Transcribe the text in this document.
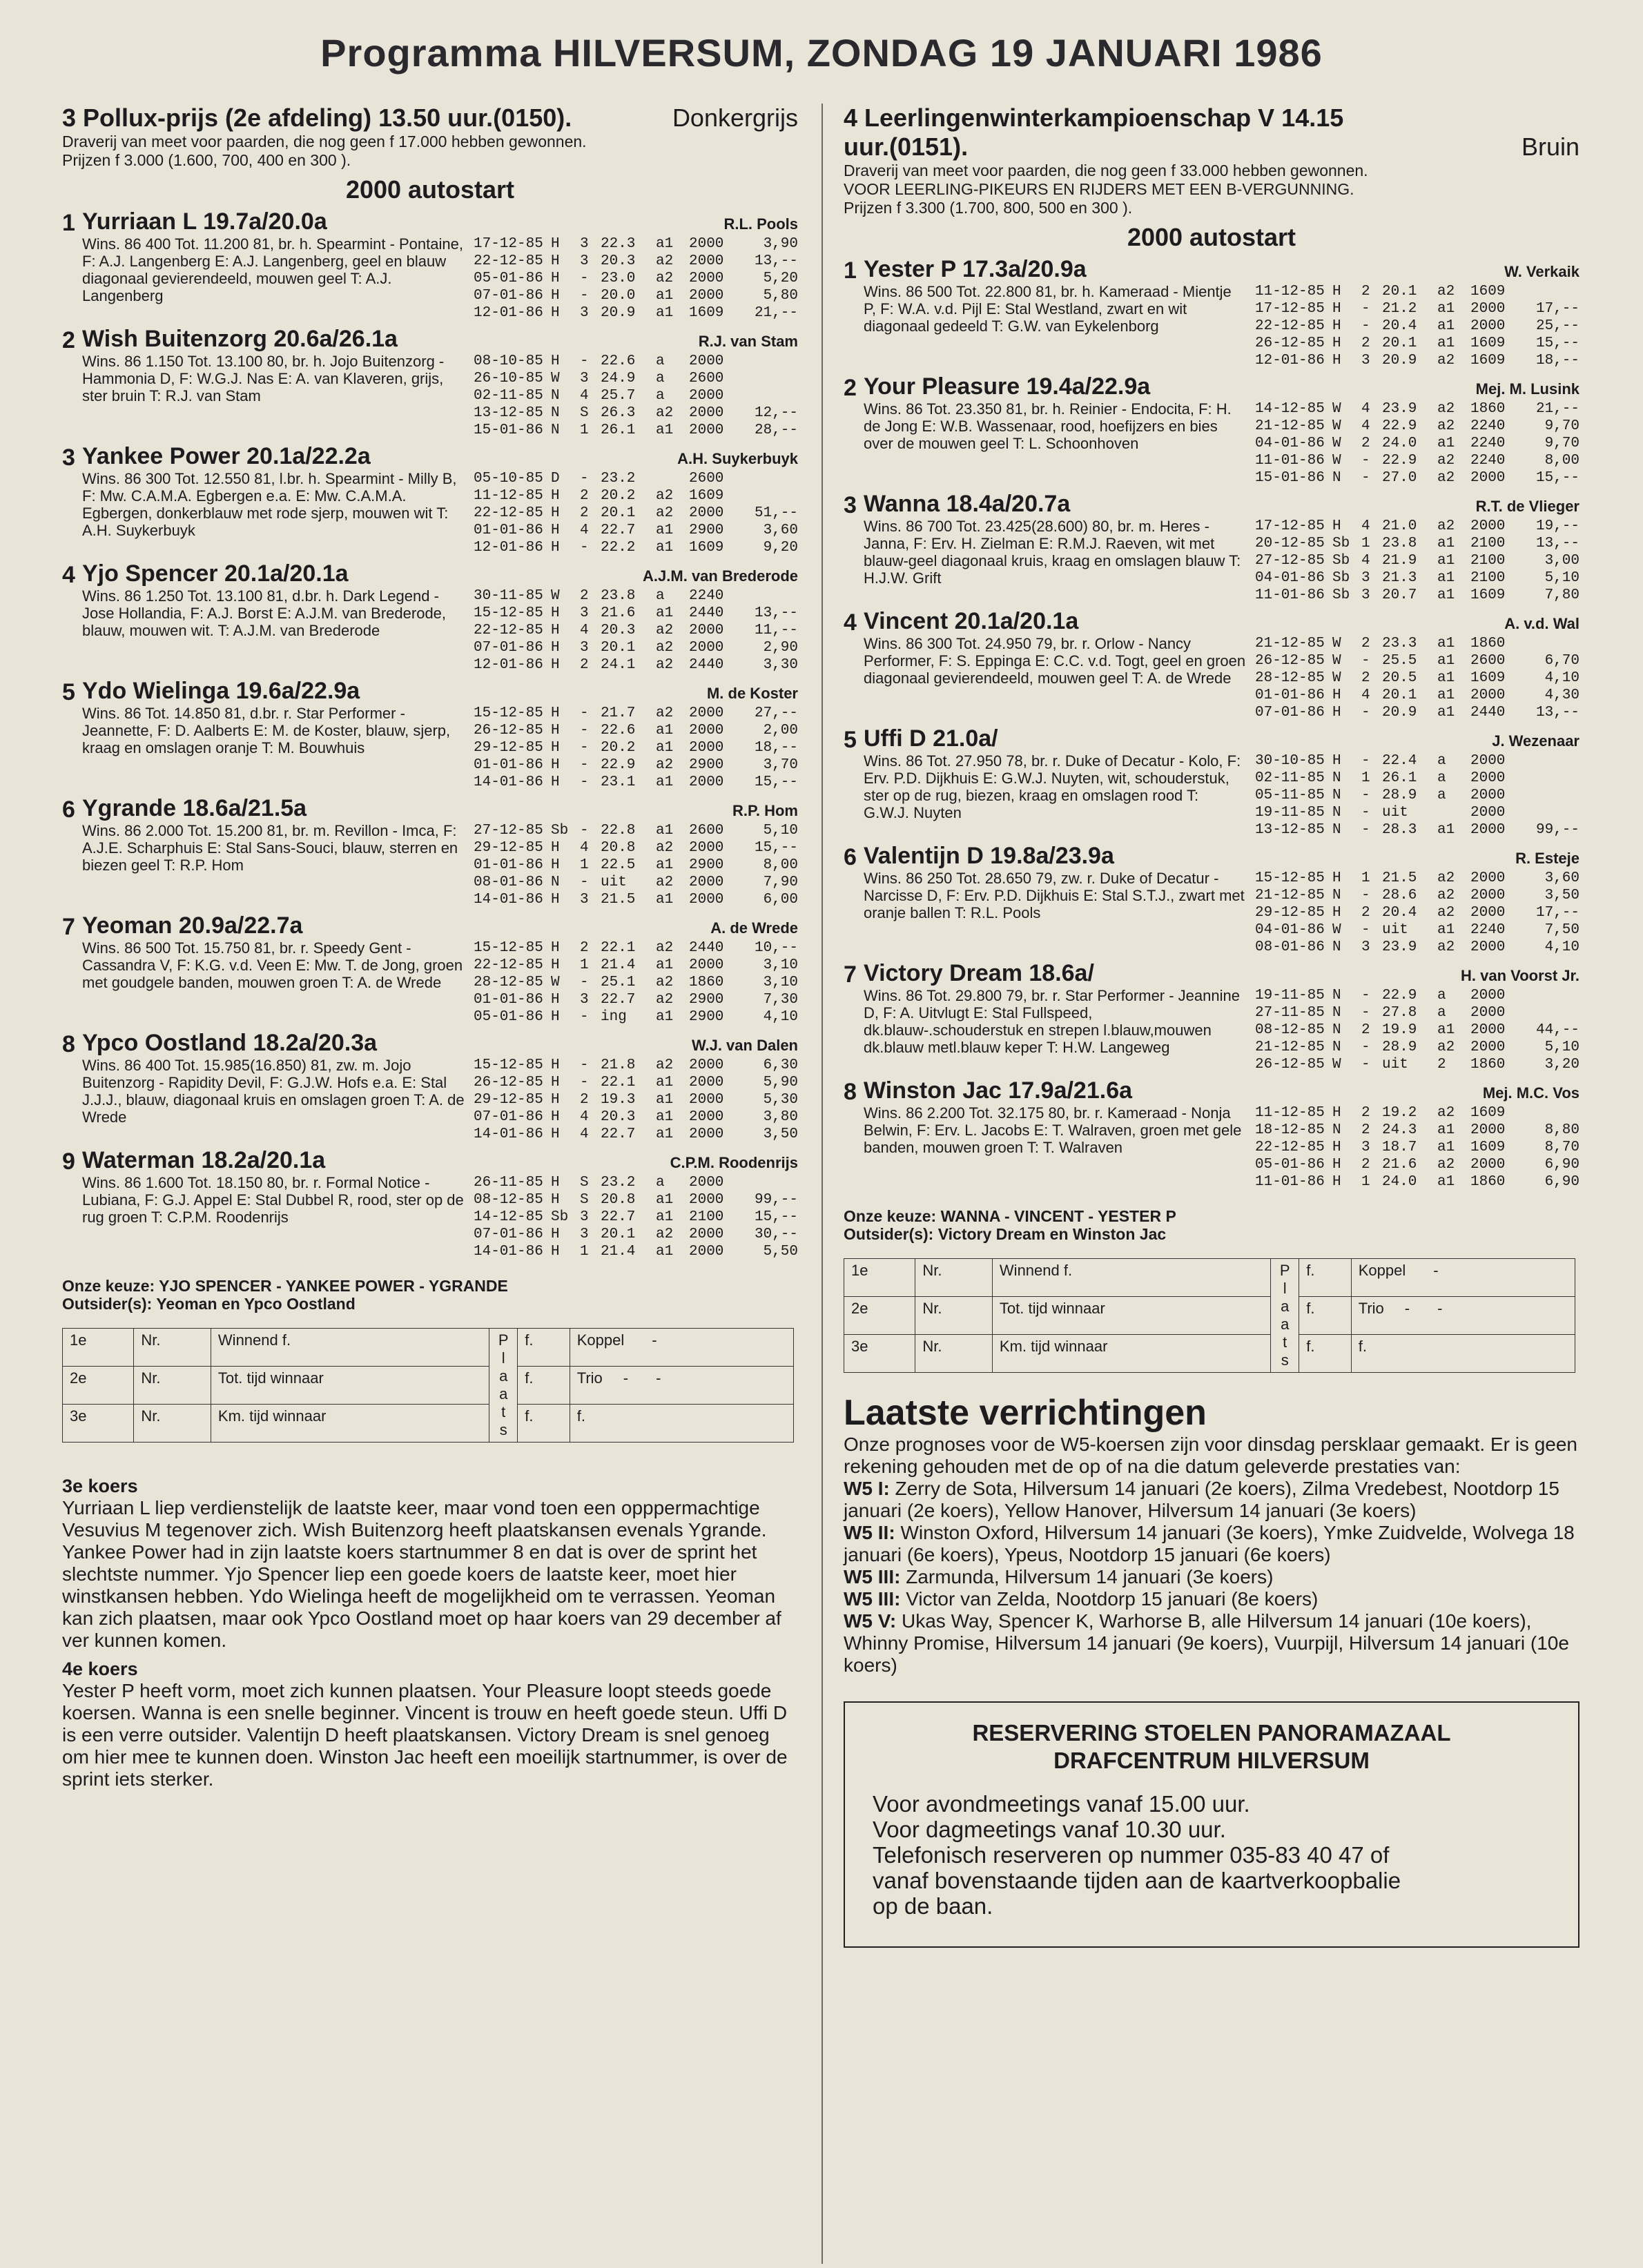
Programma HILVERSUM, ZONDAG 19 JANUARI 1986
3 Pollux-prijs (2e afdeling) 13.50 uur.(0150).	Donkergrijs
Draverij van meet voor paarden, die nog geen f 17.000 hebben gewonnen.
Prijzen f 3.000 (1.600, 700, 400 en 300 ).
2000 autostart
1 Yurriaan L 19.7a/20.0a	R.L. Pools
Wins. 86 400 Tot. 11.200 81, br. h. Spearmint - Pontaine, F: A.J. Langenberg E: A.J. Langenberg, geel en blauw diagonaal gevierendeeld, mouwen geel T: A.J. Langenberg
17-12-85 H	3 22.3	a1	2000	3,90
22-12-85 H	3 20.3	a2	2000	13,--
05-01-86 H	- 23.0	a2	2000	5,20
07-01-86 H	- 20.0	a1	2000	5,80
12-01-86 H	3 20.9	a1	1609	21,--
2 Wish Buitenzorg 20.6a/26.1a	R.J. van Stam
Wins. 86 1.150 Tot. 13.100 80, br. h. Jojo Buitenzorg - Hammonia D, F: W.G.J. Nas E: A. van Klaveren, grijs, ster bruin T: R.J. van Stam
08-10-85 H	- 22.6	a	2000
26-10-85 W	3 24.9	a	2600
02-11-85 N	4 25.7	a	2000
13-12-85 N	S 26.3	a2	2000	12,--
15-01-86 N	1 26.1	a1	2000	28,--
3 Yankee Power 20.1a/22.2a	A.H. Suykerbuyk
Wins. 86 300 Tot. 12.550 81, l.br. h. Spearmint - Milly B, F: Mw. C.A.M.A. Egbergen e.a. E: Mw. C.A.M.A. Egbergen, donkerblauw met rode sjerp, mouwen wit T: A.H. Suykerbuyk
05-10-85 D	- 23.2	2600
11-12-85 H	2 20.2	a2	1609
22-12-85 H	2 20.1	a2	2000	51,--
01-01-86 H	4 22.7	a1	2900	3,60
12-01-86 H	- 22.2	a1	1609	9,20
4 Yjo Spencer 20.1a/20.1a	A.J.M. van Brederode
Wins. 86 1.250 Tot. 13.100 81, d.br. h. Dark Legend - Jose Hollandia, F: A.J. Borst E: A.J.M. van Brederode, blauw, mouwen wit. T: A.J.M. van Brederode
30-11-85 W	2 23.8	a	2240
15-12-85 H	3 21.6	a1	2440	13,--
22-12-85 H	4 20.3	a2	2000	11,--
07-01-86 H	3 20.1	a2	2000	2,90
12-01-86 H	2 24.1	a2	2440	3,30
5 Ydo Wielinga 19.6a/22.9a	M. de Koster
Wins. 86 Tot. 14.850 81, d.br. r. Star Performer - Jeannette, F: D. Aalberts E: M. de Koster, blauw, sjerp, kraag en omslagen oranje T: M. Bouwhuis
15-12-85 H	- 21.7	a2	2000	27,--
26-12-85 H	- 22.6	a1	2000	2,00
29-12-85 H	- 20.2	a1	2000	18,--
01-01-86 H	- 22.9	a2	2900	3,70
14-01-86 H	- 23.1	a1	2000	15,--
6 Ygrande 18.6a/21.5a	R.P. Hom
Wins. 86 2.000 Tot. 15.200 81, br. m. Revillon - Imca, F: A.J.E. Scharphuis E: Stal Sans-Souci, blauw, sterren en biezen geel T: R.P. Hom
27-12-85 Sb - 22.8	a1	2600	5,10
29-12-85 H	4 20.8	a2	2000	15,--
01-01-86 H	1 22.5	a1	2900	8,00
08-01-86 N	- uit	a2	2000	7,90
14-01-86 H	3 21.5	a1	2000	6,00
7 Yeoman 20.9a/22.7a	A. de Wrede
Wins. 86 500 Tot. 15.750 81, br. r. Speedy Gent - Cassandra V, F: K.G. v.d. Veen E: Mw. T. de Jong, groen met goudgele banden, mouwen groen T: A. de Wrede
15-12-85 H	2 22.1	a2	2440	10,--
22-12-85 H	1 21.4	a1	2000	3,10
28-12-85 W	- 25.1	a2	1860	3,10
01-01-86 H	3 22.7	a2	2900	7,30
05-01-86 H	- ing	a1	2900	4,10
8 Ypco Oostland 18.2a/20.3a	W.J. van Dalen
Wins. 86 400 Tot. 15.985(16.850) 81, zw. m. Jojo Buitenzorg - Rapidity Devil, F: G.J.W. Hofs e.a. E: Stal J.J.J., blauw, diagonaal kruis en omslagen groen T: A. de Wrede
15-12-85 H	- 21.8	a2	2000	6,30
26-12-85 H	- 22.1	a1	2000	5,90
29-12-85 H	2 19.3	a1	2000	5,30
07-01-86 H	4 20.3	a1	2000	3,80
14-01-86 H	4 22.7	a1	2000	3,50
9 Waterman 18.2a/20.1a	C.P.M. Roodenrijs
Wins. 86 1.600 Tot. 18.150 80, br. r. Formal Notice - Lubiana, F: G.J. Appel E: Stal Dubbel R, rood, ster op de rug groen T: C.P.M. Roodenrijs
26-11-85 H	S 23.2	a	2000
08-12-85 H	S 20.8	a1	2000	99,--
14-12-85 Sb 3 22.7	a1	2100	15,--
07-01-86 H	3 20.1	a2	2000	30,--
14-01-86 H	1 21.4	a1	2000	5,50
Onze keuze: YJO SPENCER - YANKEE POWER - YGRANDE
Outsider(s): Yeoman en Ypco Oostland
1e	Nr.	Winnend f.	P l a a t s	f.	Koppel -
2e	Nr.	Tot. tijd winnaar		f.	Trio - -
3e	Nr.	Km. tijd winnaar		f.	f.
3e koers
Yurriaan L liep verdienstelijk de laatste keer, maar vond toen een opppermachtige Vesuvius M tegenover zich. Wish Buitenzorg heeft plaatskansen evenals Ygrande. Yankee Power had in zijn laatste koers startnummer 8 en dat is over de sprint het slechtste nummer. Yjo Spencer liep een goede koers de laatste keer, moet hier winstkansen hebben. Ydo Wielinga heeft de mogelijkheid om te verrassen. Yeoman kan zich plaatsen, maar ook Ypco Oostland moet op haar koers van 29 december af ver kunnen komen.
4e koers
Yester P heeft vorm, moet zich kunnen plaatsen. Your Pleasure loopt steeds goede koersen. Wanna is een snelle beginner. Vincent is trouw en heeft goede steun. Uffi D is een verre outsider. Valentijn D heeft plaatskansen. Victory Dream is snel genoeg om hier mee te kunnen doen. Winston Jac heeft een moeilijk startnummer, is over de sprint iets sterker.
4 Leerlingenwinterkampioenschap V 14.15
uur.(0151).	Bruin
Draverij van meet voor paarden, die nog geen f 33.000 hebben gewonnen.
VOOR LEERLING-PIKEURS EN RIJDERS MET EEN B-VERGUNNING.
Prijzen f 3.300 (1.700, 800, 500 en 300 ).
2000 autostart
1 Yester P 17.3a/20.9a	W. Verkaik
Wins. 86 500 Tot. 22.800 81, br. h. Kameraad - Mientje P, F: W.A. v.d. Pijl E: Stal Westland, zwart en wit diagonaal gedeeld T: G.W. van Eykelenborg
11-12-85 H	2 20.1	a2	1609
17-12-85 H	- 21.2	a1	2000	17,--
22-12-85 H	- 20.4	a1	2000	25,--
26-12-85 H	2 20.1	a1	1609	15,--
12-01-86 H	3 20.9	a2	1609	18,--
2 Your Pleasure 19.4a/22.9a	Mej. M. Lusink
Wins. 86 Tot. 23.350 81, br. h. Reinier - Endocita, F: H. de Jong E: W.B. Wassenaar, rood, hoefijzers en bies over de mouwen geel T: L. Schoonhoven
14-12-85 W	4 23.9	a2	1860	21,--
21-12-85 W	4 22.9	a2	2240	9,70
04-01-86 W	2 24.0	a1	2240	9,70
11-01-86 W	- 22.9	a2	2240	8,00
15-01-86 N	- 27.0	a2	2000	15,--
3 Wanna 18.4a/20.7a	R.T. de Vlieger
Wins. 86 700 Tot. 23.425(28.600) 80, br. m. Heres - Janna, F: Erv. H. Zielman E: R.M.J. Raeven, wit met blauw-geel diagonaal kruis, kraag en omslagen blauw T: H.J.W. Grift
17-12-85 H	4 21.0	a2	2000	19,--
20-12-85 Sb 1 23.8	a1	2100	13,--
27-12-85 Sb 4 21.9	a1	2100	3,00
04-01-86 Sb 3 21.3	a1	2100	5,10
11-01-86 Sb 3 20.7	a1	1609	7,80
4 Vincent 20.1a/20.1a	A. v.d. Wal
Wins. 86 300 Tot. 24.950 79, br. r. Orlow - Nancy Performer, F: S. Eppinga E: C.C. v.d. Togt, geel en groen diagonaal gevierendeeld, mouwen geel T: A. de Wrede
21-12-85 W	2 23.3	a1	1860
26-12-85 W	- 25.5	a1	2600	6,70
28-12-85 W	2 20.5	a1	1609	4,10
01-01-86 H	4 20.1	a1	2000	4,30
07-01-86 H	- 20.9	a1	2440	13,--
5 Uffi D 21.0a/	J. Wezenaar
Wins. 86 Tot. 27.950 78, br. r. Duke of Decatur - Kolo, F: Erv. P.D. Dijkhuis E: G.W.J. Nuyten, wit, schouderstuk, ster op de rug, biezen, kraag en omslagen rood T: G.W.J. Nuyten
30-10-85 H	- 22.4	a	2000
02-11-85 N	1 26.1	a	2000
05-11-85 N	- 28.9	a	2000
19-11-85 N	- uit	2000
13-12-85 N	- 28.3	a1	2000	99,--
6 Valentijn D 19.8a/23.9a	R. Esteje
Wins. 86 250 Tot. 28.650 79, zw. r. Duke of Decatur - Narcisse D, F: Erv. P.D. Dijkhuis E: Stal S.T.J., zwart met oranje ballen T: R.L. Pools
15-12-85 H	1 21.5	a2	2000	3,60
21-12-85 N	- 28.6	a2	2000	3,50
29-12-85 H	2 20.4	a2	2000	17,--
04-01-86 W	- uit	a1	2240	7,50
08-01-86 N	3 23.9	a2	2000	4,10
7 Victory Dream 18.6a/	H. van Voorst Jr.
Wins. 86 Tot. 29.800 79, br. r. Star Performer - Jeannine D, F: A. Uitvlugt E: Stal Fullspeed, dk.blauw-.schouderstuk en strepen l.blauw,mouwen dk.blauw metl.blauw keper T: H.W. Langeweg
19-11-85 N	- 22.9	a	2000
27-11-85 N	- 27.8	a	2000
08-12-85 N	2 19.9	a1	2000	44,--
21-12-85 N	- 28.9	a2	2000	5,10
26-12-85 W	- uit	2	1860	3,20
8 Winston Jac 17.9a/21.6a	Mej. M.C. Vos
Wins. 86 2.200 Tot. 32.175 80, br. r. Kameraad - Nonja Belwin, F: Erv. L. Jacobs E: T. Walraven, groen met gele banden, mouwen groen T: T. Walraven
11-12-85 H	2 19.2	a2	1609
18-12-85 N	2 24.3	a1	2000	8,80
22-12-85 H	3 18.7	a1	1609	8,70
05-01-86 H	2 21.6	a2	2000	6,90
11-01-86 H	1 24.0	a1	1860	6,90
Onze keuze: WANNA - VINCENT - YESTER P
Outsider(s): Victory Dream en Winston Jac
1e	Nr.	Winnend f.	P l a a t s	f.	Koppel -
2e	Nr.	Tot. tijd winnaar		f.	Trio - -
3e	Nr.	Km. tijd winnaar		f.	f.
Laatste verrichtingen
Onze prognoses voor de W5-koersen zijn voor dinsdag persklaar gemaakt. Er is geen rekening gehouden met de op of na die datum geleverde prestaties van:
W5 I: Zerry de Sota, Hilversum 14 januari (2e koers), Zilma Vredebest, Nootdorp 15 januari (2e koers), Yellow Hanover, Hilversum 14 januari (3e koers)
W5 II: Winston Oxford, Hilversum 14 januari (3e koers), Ymke Zuidvelde, Wolvega 18 januari (6e koers), Ypeus, Nootdorp 15 januari (6e koers)
W5 III: Zarmunda, Hilversum 14 januari (3e koers)
W5 III: Victor van Zelda, Nootdorp 15 januari (8e koers)
W5 V: Ukas Way, Spencer K, Warhorse B, alle Hilversum 14 januari (10e koers), Whinny Promise, Hilversum 14 januari (9e koers), Vuurpijl, Hilversum 14 januari (10e koers)
RESERVERING STOELEN PANORAMAZAAL
DRAFCENTRUM HILVERSUM
Voor avondmeetings vanaf 15.00 uur.
Voor dagmeetings vanaf 10.30 uur.
Telefonisch reserveren op nummer 035-83 40 47 of
vanaf bovenstaande tijden aan de kaartverkoopbalie
op de baan.
